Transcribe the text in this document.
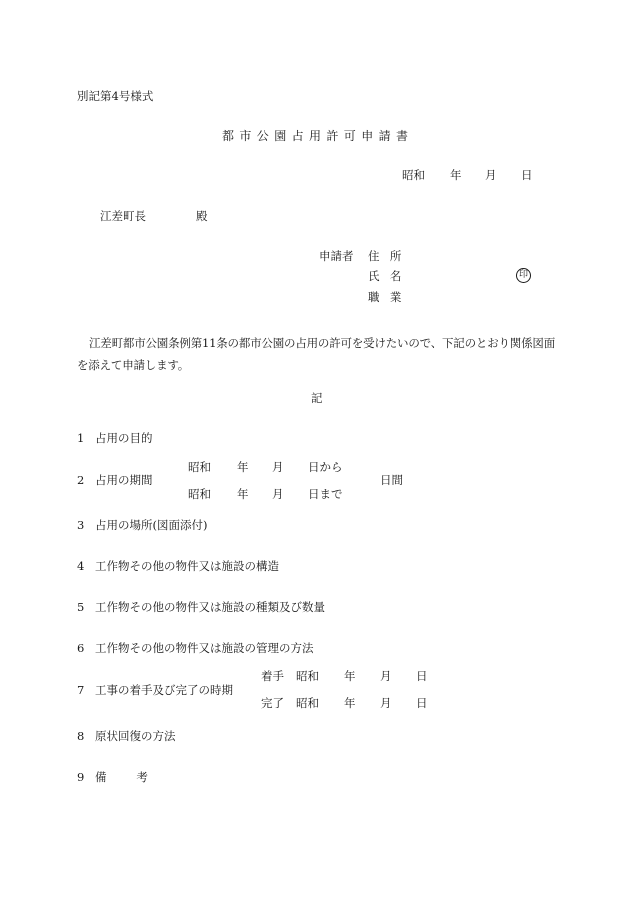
別記第4号様式
都市公園占用許可申請書
昭和 年 月 日
江差町長	殿
申請者 住所
氏名	印
職業
江差町都市公園条例第11条の都市公園の占用の許可を受けたいので、下記のとおり関係図面を添えて申請します。
記
1 占用の目的
昭和 年 月 日から
2 占用の期間	日間
昭和 年 月 日まで
3 占用の場所(図面添付)
4 工作物その他の物件又は施設の構造
5 工作物その他の物件又は施設の種類及び数量
6 工作物その他の物件又は施設の管理の方法
着手 昭和 年 月 日
7 工事の着手及び完了の時期
完了 昭和 年 月 日
8 原状回復の方法
9 備考
